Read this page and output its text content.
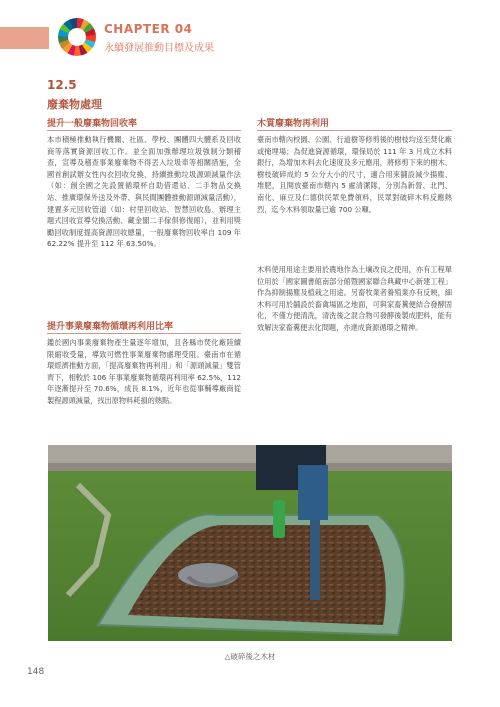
CHAPTER 04
永續發展推動目標及成果
12.5
廢棄物處理
提升一般廢棄物回收率
本市積極推動執行機關、社區、學校、團體四大體系及回收商等落實資源回收工作。並全面加強辦理垃圾強制分類稽查，宣導及稽查事業廢棄物不得丟入垃圾車等相關措施，全國首創試辦女性內衣回收兌換，持續推動垃圾源頭減量作法（如：創全國之先設置循環杯自助借還站、二手物品交換站、推廣環保外送及外帶、與民間團體推動源頭減量活動），建置多元回收管道（如：村里回收站、智慧回收島、辦理主題式回收宣導兌換活動、藏金閣二手傢俱修復館），並利用獎勵回收制度提高資源回收總量，一般廢棄物回收率自 109 年 62.22% 提升至 112 年 63.50%。
提升事業廢棄物循環再利用比率
鑑於國內事業廢棄物產生量逐年增加，且各縣市焚化廠陸續限縮收受量，導致可燃性事業廢棄物處理受阻。臺南市在循環經濟推動方面，「提高廢棄物再利用」和「源頭減量」雙管齊下，相較於 106 年事業廢棄物循環再利用率 62.5%，112 年逐漸提升至 70.6%，成長 8.1%，近年也從事輔導廠商從製程源頭減量，找出原物料耗損的熱點。
木質廢棄物再利用
臺南市轄內校園、公園、行道樹等修剪後的樹枝均送至焚化廠或掩埋場；為促進資源循環，環保局於 111 年 3 月成立木料銀行，為增加木料去化速度及多元應用，將修剪下來的樹木、樹枝破碎成約 5 公分大小的尺寸，適合用來舖設減少揚塵、堆肥，且開放臺南市轄內 5 處清潔隊，分別為新營、北門、南化、麻豆及仁德供民眾免費領料，民眾對破碎木料反應熱烈，迄今木料領取量已逾 700 公噸。
木料使用用途主要用於農地作為土壤改良之使用，亦有工程單位用於「國家圖書館南部分館暨國家聯合典藏中心新建工程」作為抑制揚塵及植栽之用途。另畜牧業者養殖業亦有反映，細木料可用於舖設於畜禽場區之地面，可與家畜糞便結合發酵固化，不僅方便清洗，清洗後之混合物可發酵後製成肥料，能有效解決家畜糞便去化問題，亦達成資源循環之精神。
△破碎後之木材
148
